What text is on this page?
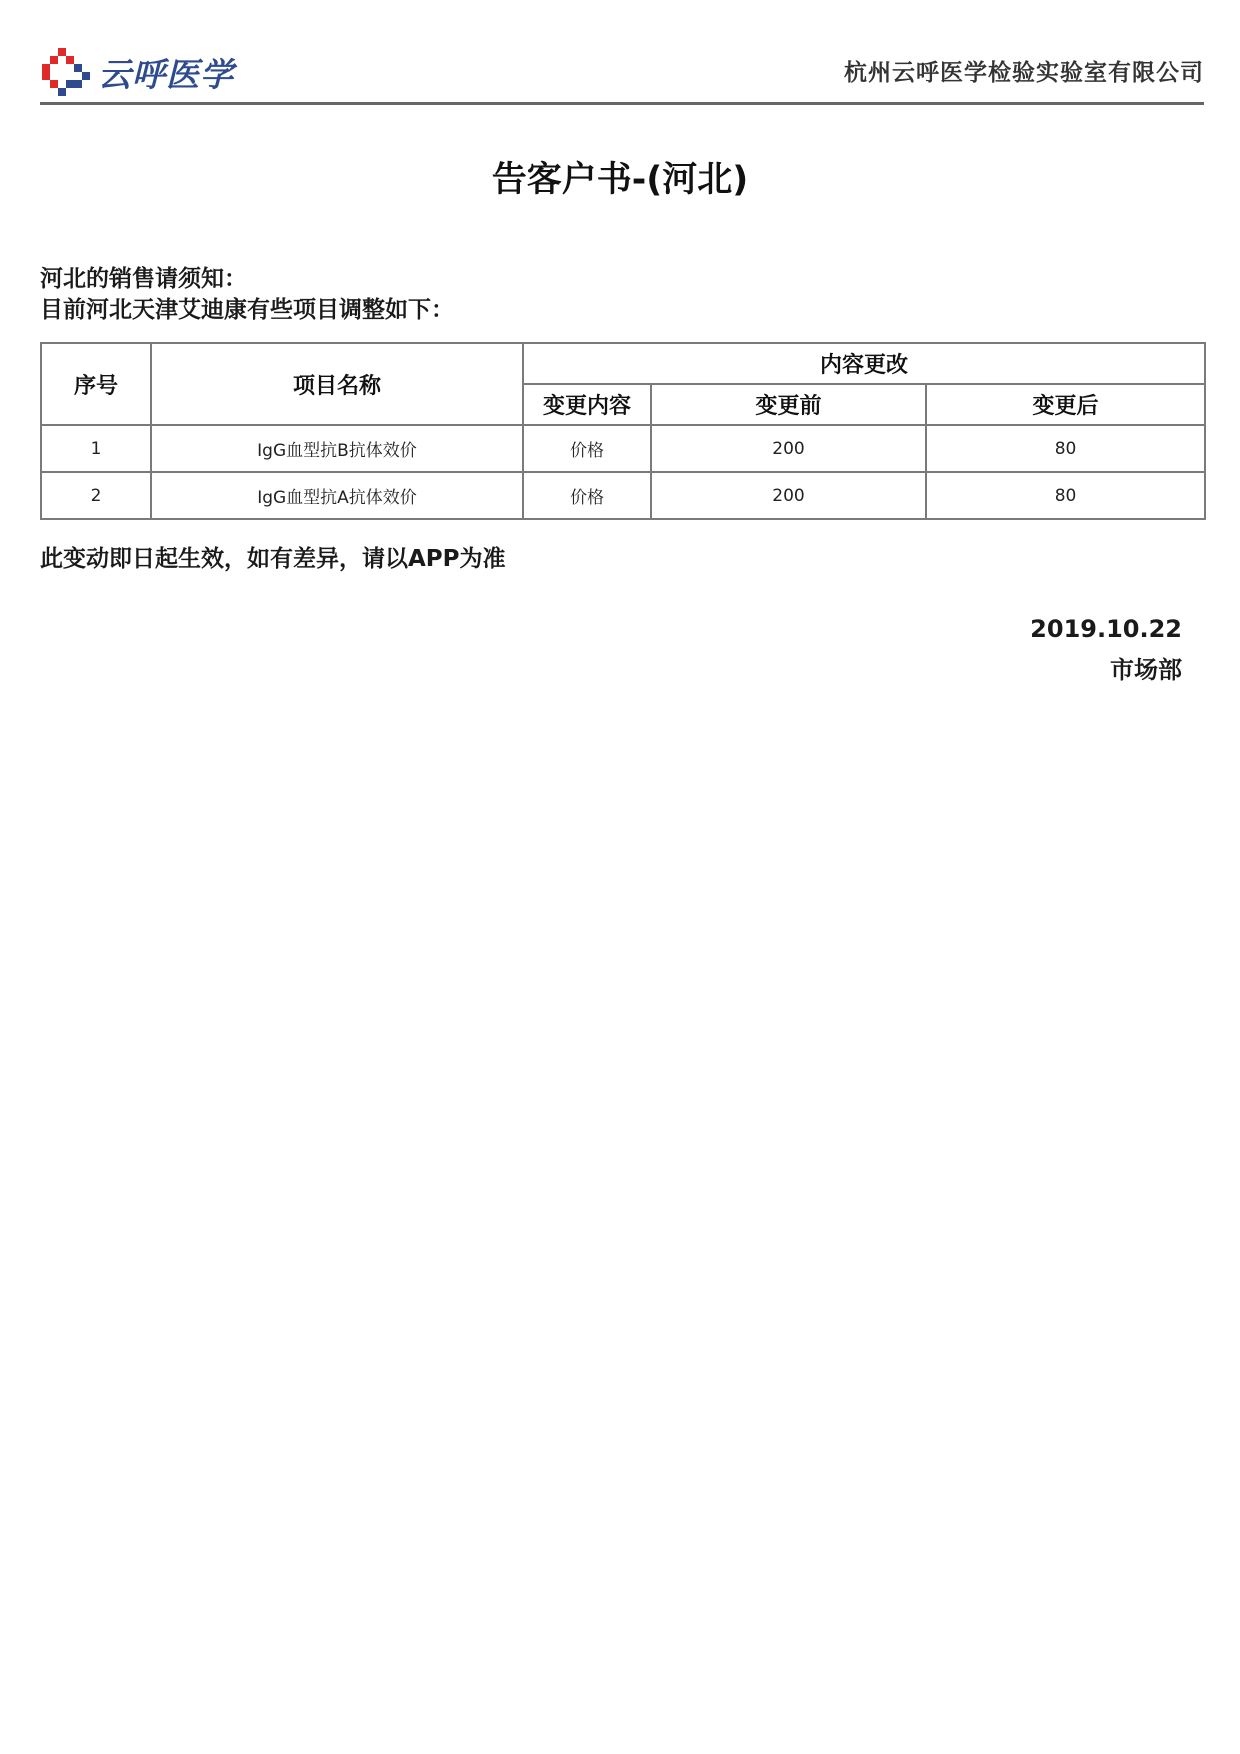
云呼医学	杭州云呼医学检验实验室有限公司
告客户书-(河北)
河北的销售请须知：
目前河北天津艾迪康有些项目调整如下：
序号	项目名称	内容更改		
		变更内容	变更前	变更后
1	IgG血型抗B抗体效价	价格	200	80
2	IgG血型抗A抗体效价	价格	200	80
此变动即日起生效，如有差异，请以APP为准
2019.10.22
市场部
